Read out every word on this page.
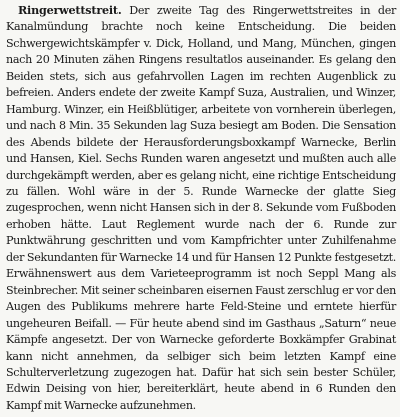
Ringerwettstreit. Der zweite Tag des Ringerwettstreites in der Kanalmündung brachte noch keine Entscheidung. Die beiden Schwergewichtskämpfer v. Dick, Holland, und Mang, München, gingen nach 20 Minuten zähen Ringens resultatlos auseinander. Es gelang den Beiden stets, sich aus gefahrvollen Lagen im rechten Augenblick zu befreien. Anders endete der zweite Kampf Suza, Australien, und Winzer, Hamburg. Winzer, ein Heißblütiger, arbeitete von vornherein überlegen, und nach 8 Min. 35 Sekunden lag Suza besiegt am Boden. Die Sensation des Abends bildete der Herausforderungsboxkampf Warnecke, Berlin und Hansen, Kiel. Sechs Runden waren angesetzt und mußten auch alle durchgekämpft werden, aber es gelang nicht, eine richtige Entscheidung zu fällen. Wohl wäre in der 5. Runde Warnecke der glatte Sieg zugesprochen, wenn nicht Hansen sich in der 8. Sekunde vom Fußboden erhoben hätte. Laut Reglement wurde nach der 6. Runde zur Punktwährung geschritten und vom Kampfrichter unter Zuhilfenahme der Sekundanten für Warnecke 14 und für Hansen 12 Punkte festgesetzt. Erwähnenswert aus dem Varieteeprogramm ist noch Seppl Mang als Steinbrecher. Mit seiner scheinbaren eisernen Faust zerschlug er vor den Augen des Publikums mehrere harte Feld-Steine und erntete hierfür ungeheuren Beifall. — Für heute abend sind im Gasthaus „Saturn“ neue Kämpfe angesetzt. Der von Warnecke geforderte Boxkämpfer Grabinat kann nicht annehmen, da selbiger sich beim letzten Kampf eine Schulterverletzung zugezogen hat. Dafür hat sich sein bester Schüler, Edwin Deising von hier, bereiterklärt, heute abend in 6 Runden den Kampf mit Warnecke aufzunehmen.
